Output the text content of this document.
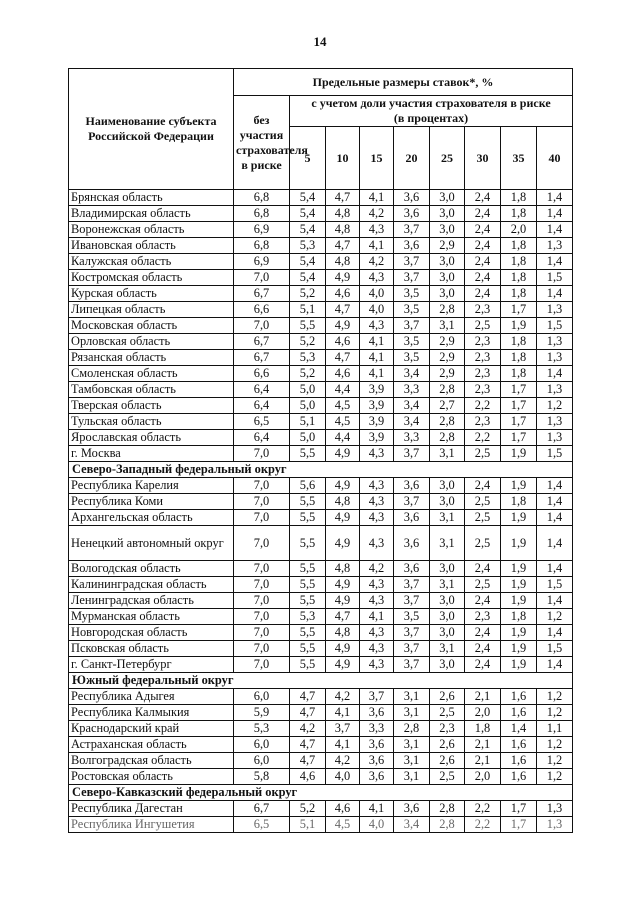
14
Наименование субъекта Российской Федерации	Предельные размеры ставок*, %								
	без участия страхователя в риске	с учетом доли участия страхователя в риске
(в процентах)							
		5	10	15	20	25	30	35	40
Брянская область	6,8	5,4	4,7	4,1	3,6	3,0	2,4	1,8	1,4
Владимирская область	6,8	5,4	4,8	4,2	3,6	3,0	2,4	1,8	1,4
Воронежская область	6,9	5,4	4,8	4,3	3,7	3,0	2,4	2,0	1,4
Ивановская область	6,8	5,3	4,7	4,1	3,6	2,9	2,4	1,8	1,3
Калужская область	6,9	5,4	4,8	4,2	3,7	3,0	2,4	1,8	1,4
Костромская область	7,0	5,4	4,9	4,3	3,7	3,0	2,4	1,8	1,5
Курская область	6,7	5,2	4,6	4,0	3,5	3,0	2,4	1,8	1,4
Липецкая область	6,6	5,1	4,7	4,0	3,5	2,8	2,3	1,7	1,3
Московская область	7,0	5,5	4,9	4,3	3,7	3,1	2,5	1,9	1,5
Орловская область	6,7	5,2	4,6	4,1	3,5	2,9	2,3	1,8	1,3
Рязанская область	6,7	5,3	4,7	4,1	3,5	2,9	2,3	1,8	1,3
Смоленская область	6,6	5,2	4,6	4,1	3,4	2,9	2,3	1,8	1,4
Тамбовская область	6,4	5,0	4,4	3,9	3,3	2,8	2,3	1,7	1,3
Тверская область	6,4	5,0	4,5	3,9	3,4	2,7	2,2	1,7	1,2
Тульская область	6,5	5,1	4,5	3,9	3,4	2,8	2,3	1,7	1,3
Ярославская область	6,4	5,0	4,4	3,9	3,3	2,8	2,2	1,7	1,3
г. Москва	7,0	5,5	4,9	4,3	3,7	3,1	2,5	1,9	1,5
Северо-Западный федеральный округ									
Республика Карелия	7,0	5,6	4,9	4,3	3,6	3,0	2,4	1,9	1,4
Республика Коми	7,0	5,5	4,8	4,3	3,7	3,0	2,5	1,8	1,4
Архангельская область	7,0	5,5	4,9	4,3	3,6	3,1	2,5	1,9	1,4
Ненецкий автономный округ	7,0	5,5	4,9	4,3	3,6	3,1	2,5	1,9	1,4
Вологодская область	7,0	5,5	4,8	4,2	3,6	3,0	2,4	1,9	1,4
Калининградская область	7,0	5,5	4,9	4,3	3,7	3,1	2,5	1,9	1,5
Ленинградская область	7,0	5,5	4,9	4,3	3,7	3,0	2,4	1,9	1,4
Мурманская область	7,0	5,3	4,7	4,1	3,5	3,0	2,3	1,8	1,2
Новгородская область	7,0	5,5	4,8	4,3	3,7	3,0	2,4	1,9	1,4
Псковская область	7,0	5,5	4,9	4,3	3,7	3,1	2,4	1,9	1,5
г. Санкт-Петербург	7,0	5,5	4,9	4,3	3,7	3,0	2,4	1,9	1,4
Южный федеральный округ									
Республика Адыгея	6,0	4,7	4,2	3,7	3,1	2,6	2,1	1,6	1,2
Республика Калмыкия	5,9	4,7	4,1	3,6	3,1	2,5	2,0	1,6	1,2
Краснодарский край	5,3	4,2	3,7	3,3	2,8	2,3	1,8	1,4	1,1
Астраханская область	6,0	4,7	4,1	3,6	3,1	2,6	2,1	1,6	1,2
Волгоградская область	6,0	4,7	4,2	3,6	3,1	2,6	2,1	1,6	1,2
Ростовская область	5,8	4,6	4,0	3,6	3,1	2,5	2,0	1,6	1,2
Северо-Кавказский федеральный округ									
Республика Дагестан	6,7	5,2	4,6	4,1	3,6	2,8	2,2	1,7	1,3
Республика Ингушетия	6,5	5,1	4,5	4,0	3,4	2,8	2,2	1,7	1,3
